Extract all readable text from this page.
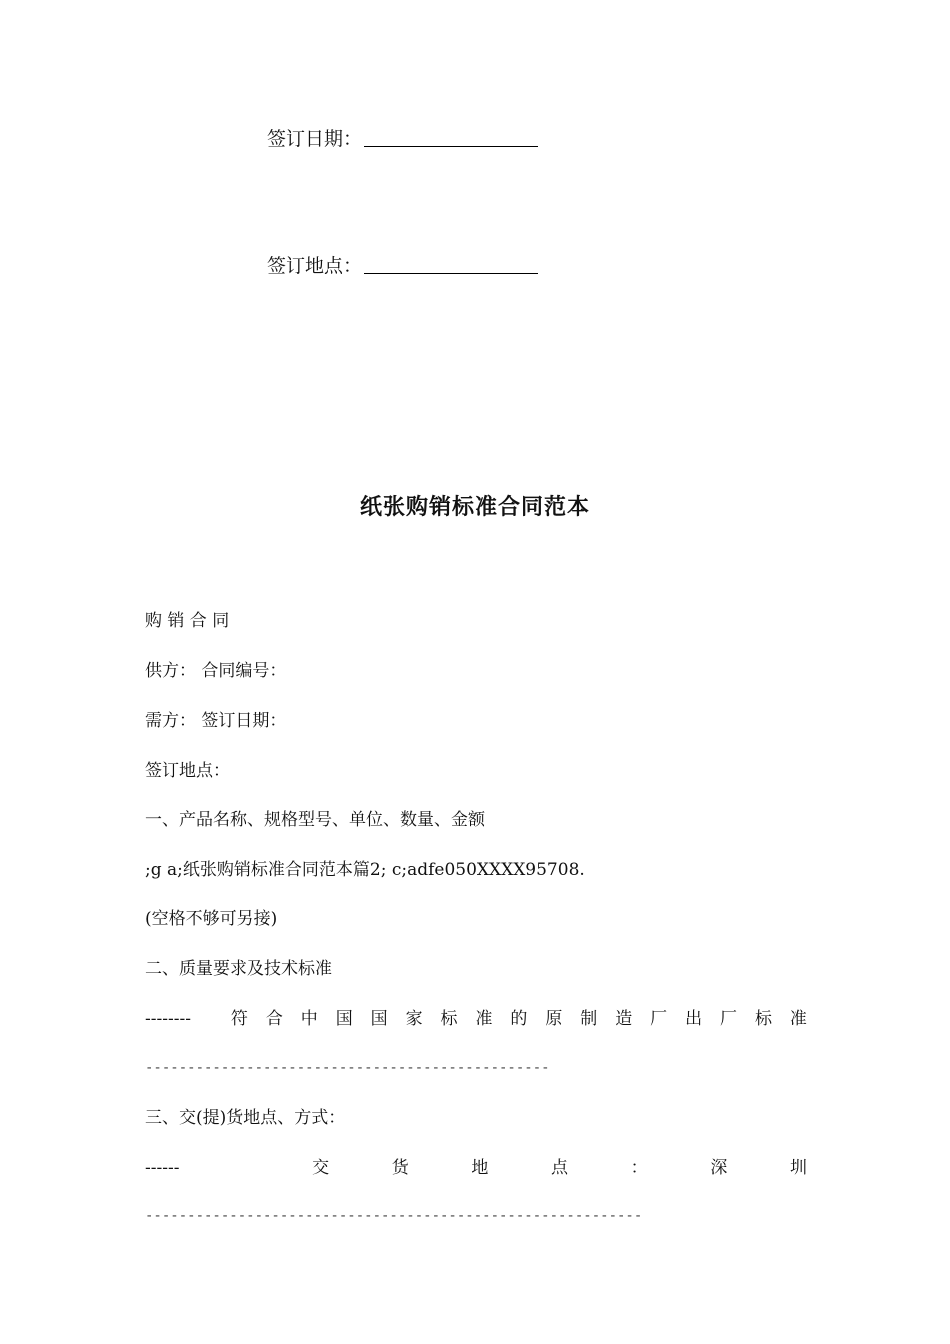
签订日期：
签订地点：
纸张购销标准合同范本
购 销 合 同
供方： 合同编号：
需方： 签订日期：
签订地点：
一、产品名称、规格型号、单位、数量、金额
;g a;纸张购销标准合同范本篇2; c;adfe050XXXX95708.
(空格不够可另接)
二、质量要求及技术标准
-------- 符 合 中 国 国 家 标 准 的 原 制 造 厂 出 厂 标 准
------------------------------------------------
三、交(提)货地点、方式：
------	交	货	地	点	：	深	圳
-----------------------------------------------------------
